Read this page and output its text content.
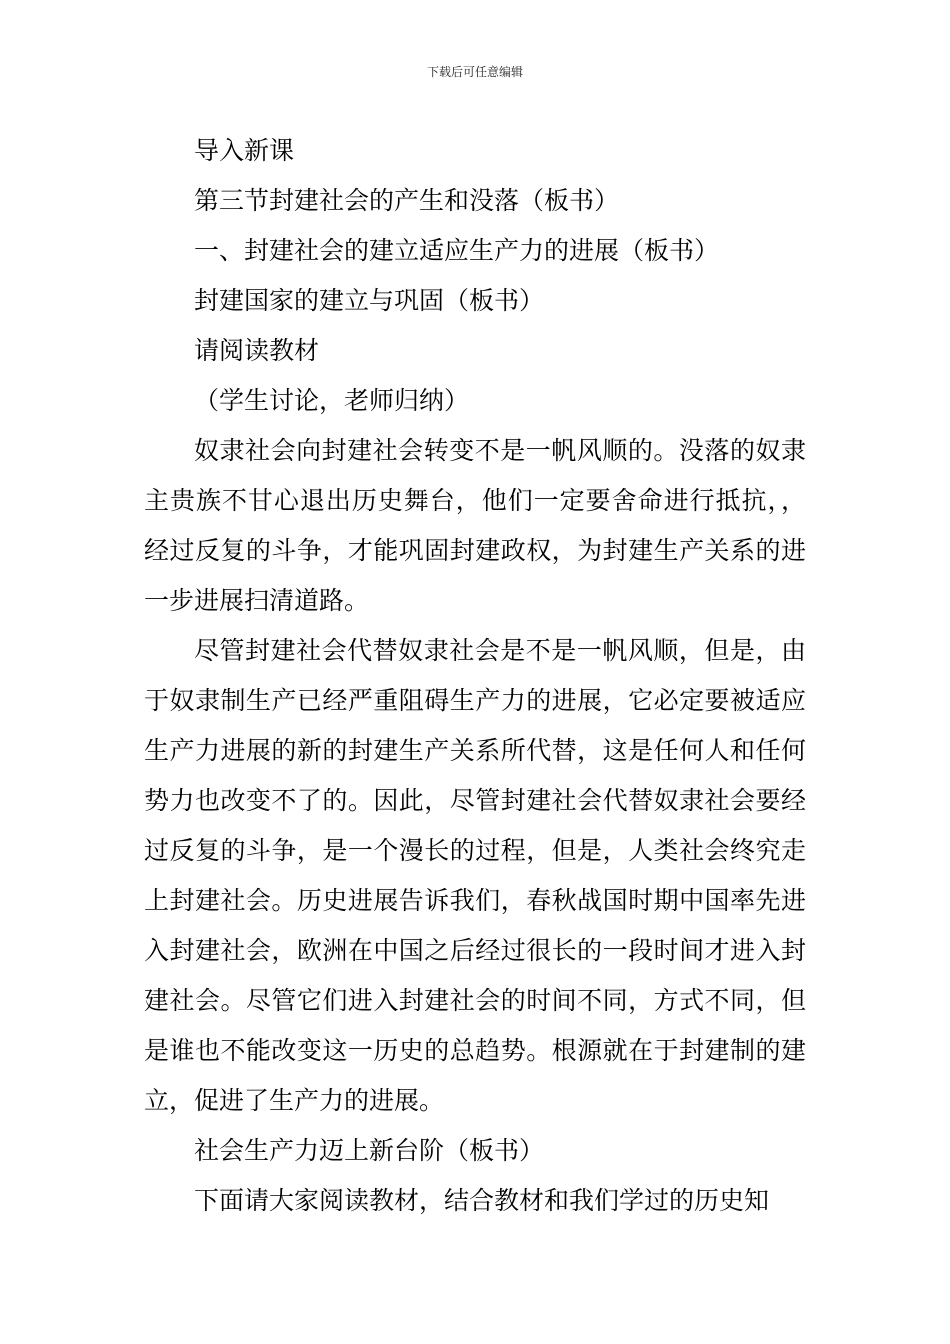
下载后可任意编辑

导入新课

第三节封建社会的产生和没落（板书）

一、封建社会的建立适应生产力的进展（板书）

封建国家的建立与巩固（板书）

请阅读教材

（学生讨论，老师归纳）

奴隶社会向封建社会转变不是一帆风顺的。没落的奴隶主贵族不甘心退出历史舞台，他们一定要舍命进行抵抗，，经过反复的斗争，才能巩固封建政权，为封建生产关系的进一步进展扫清道路。

尽管封建社会代替奴隶社会是不是一帆风顺，但是，由于奴隶制生产已经严重阻碍生产力的进展，它必定要被适应生产力进展的新的封建生产关系所代替，这是任何人和任何势力也改变不了的。因此，尽管封建社会代替奴隶社会要经过反复的斗争，是一个漫长的过程，但是，人类社会终究走上封建社会。历史进展告诉我们，春秋战国时期中国率先进入封建社会，欧洲在中国之后经过很长的一段时间才进入封建社会。尽管它们进入封建社会的时间不同，方式不同，但是谁也不能改变这一历史的总趋势。根源就在于封建制的建立，促进了生产力的进展。

社会生产力迈上新台阶（板书）

下面请大家阅读教材，结合教材和我们学过的历史知
